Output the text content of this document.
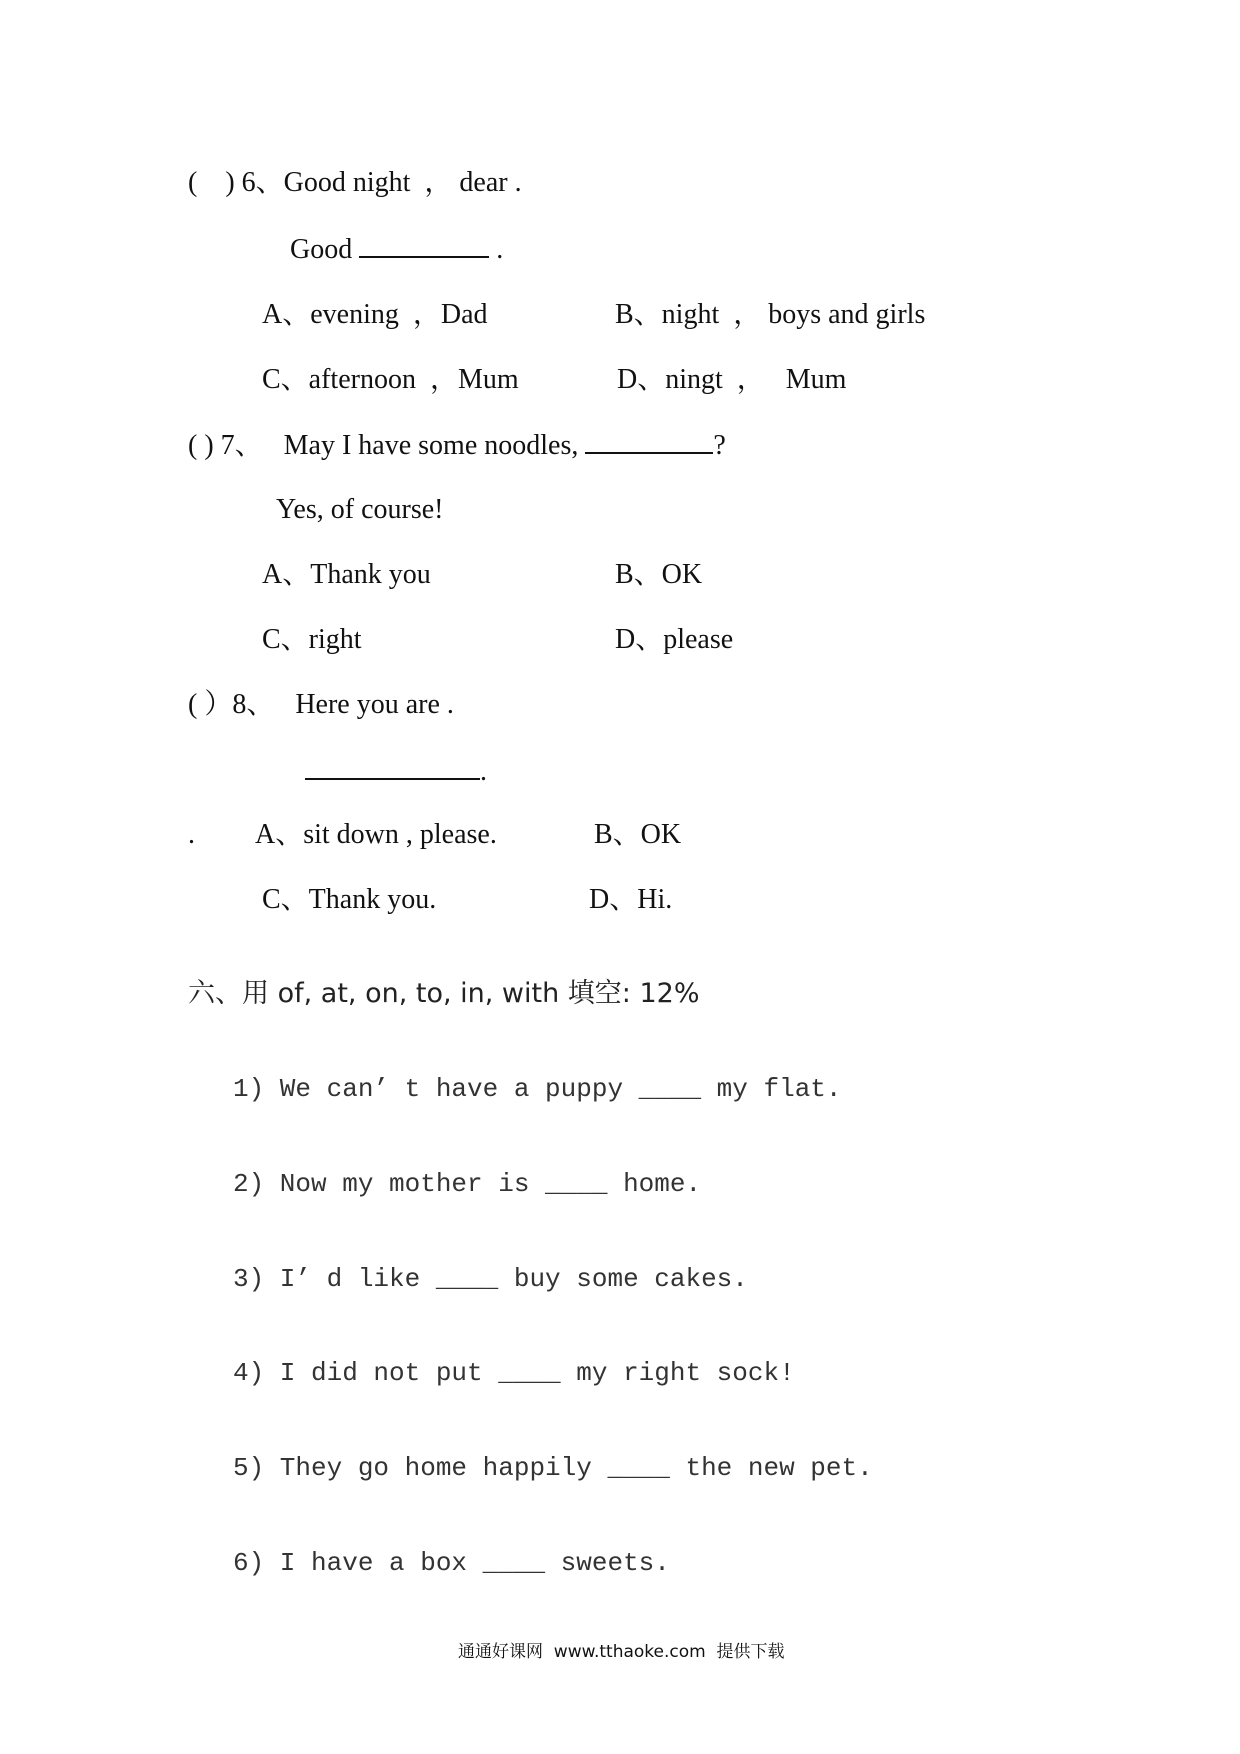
(    ) 6、Good night  ， dear .
Good	.
A、evening  ，Dad	B、night  ， boys and girls
C、afternoon  ，Mum	D、ningt  ，   Mum
( ) 7、   May I have some noodles,	?
Yes, of course!
A、Thank you	B、OK
C、right	D、please
( ）8、   Here you are .
.
. A、sit down , please.	B、OK
C、Thank you.	D、Hi.
六、用 of, at, on, to, in, with 填空: 12%
1) We can’ t have a puppy ____ my flat.
2) Now my mother is ____ home.
3) I’ d like ____ buy some cakes.
4) I did not put ____ my right sock!
5) They go home happily ____ the new pet.
6) I have a box ____ sweets.
通通好课网  www.tthaoke.com  提供下载
